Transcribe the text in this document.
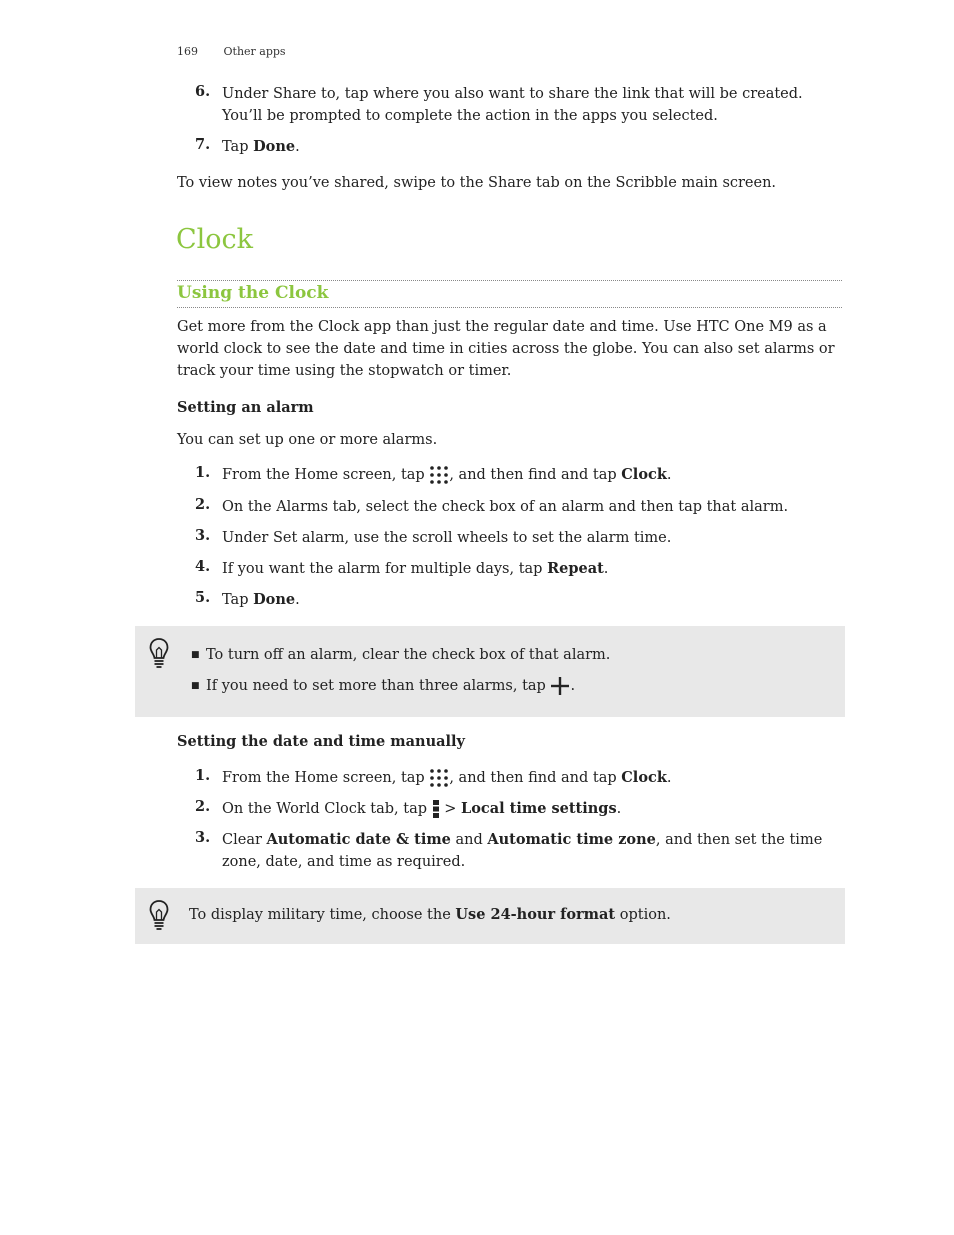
169 Other apps
6. Under Share to, tap where you also want to share the link that will be created. You’ll be prompted to complete the action in the apps you selected.
7. Tap Done.
To view notes you’ve shared, swipe to the Share tab on the Scribble main screen.
Clock
Using the Clock
Get more from the Clock app than just the regular date and time. Use HTC One M9 as a world clock to see the date and time in cities across the globe. You can also set alarms or track your time using the stopwatch or timer.
Setting an alarm
You can set up one or more alarms.
1. From the Home screen, tap , and then find and tap Clock.
2. On the Alarms tab, select the check box of an alarm and then tap that alarm.
3. Under Set alarm, use the scroll wheels to set the alarm time.
4. If you want the alarm for multiple days, tap Repeat.
5. Tap Done.
■ To turn off an alarm, clear the check box of that alarm.
■ If you need to set more than three alarms, tap .
Setting the date and time manually
1. From the Home screen, tap , and then find and tap Clock.
2. On the World Clock tab, tap  > Local time settings.
3. Clear Automatic date & time and Automatic time zone, and then set the time zone, date, and time as required.
To display military time, choose the Use 24-hour format option.
